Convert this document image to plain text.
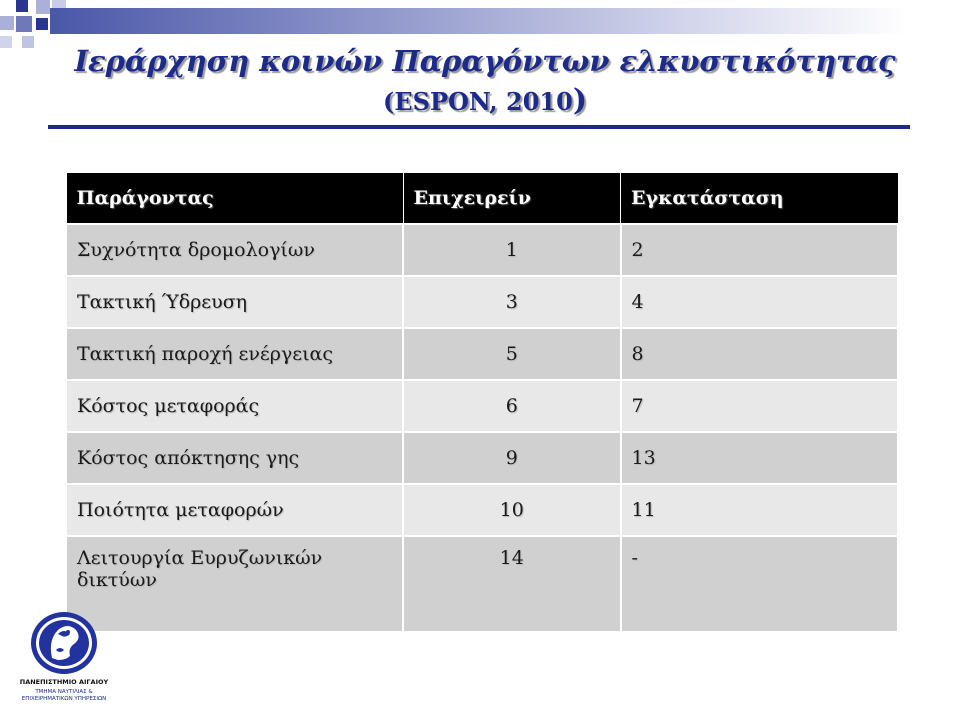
Ιεράρχηση κοινών Παραγόντων ελκυστικότητας
(ESPON, 2010)
Παράγοντας	Επιχειρείν	Εγκατάσταση
Συχνότητα δρομολογίων	1	2
Τακτική Ύδρευση	3	4
Τακτική παροχή ενέργειας	5	8
Κόστος μεταφοράς	6	7
Κόστος απόκτησης γης	9	13
Ποιότητα μεταφορών	10	11
Λειτουργία Ευρυζωνικών δικτύων	14	-
ΠΑΝΕΠΙΣΤΗΜΙΟ ΑΙΓΑΙΟΥ
ΤΜΗΜΑ ΝΑΥΤΙΛΙΑΣ &
ΕΠΙΧΕΙΡΗΜΑΤΙΚΩΝ ΥΠΗΡΕΣΙΩΝ
